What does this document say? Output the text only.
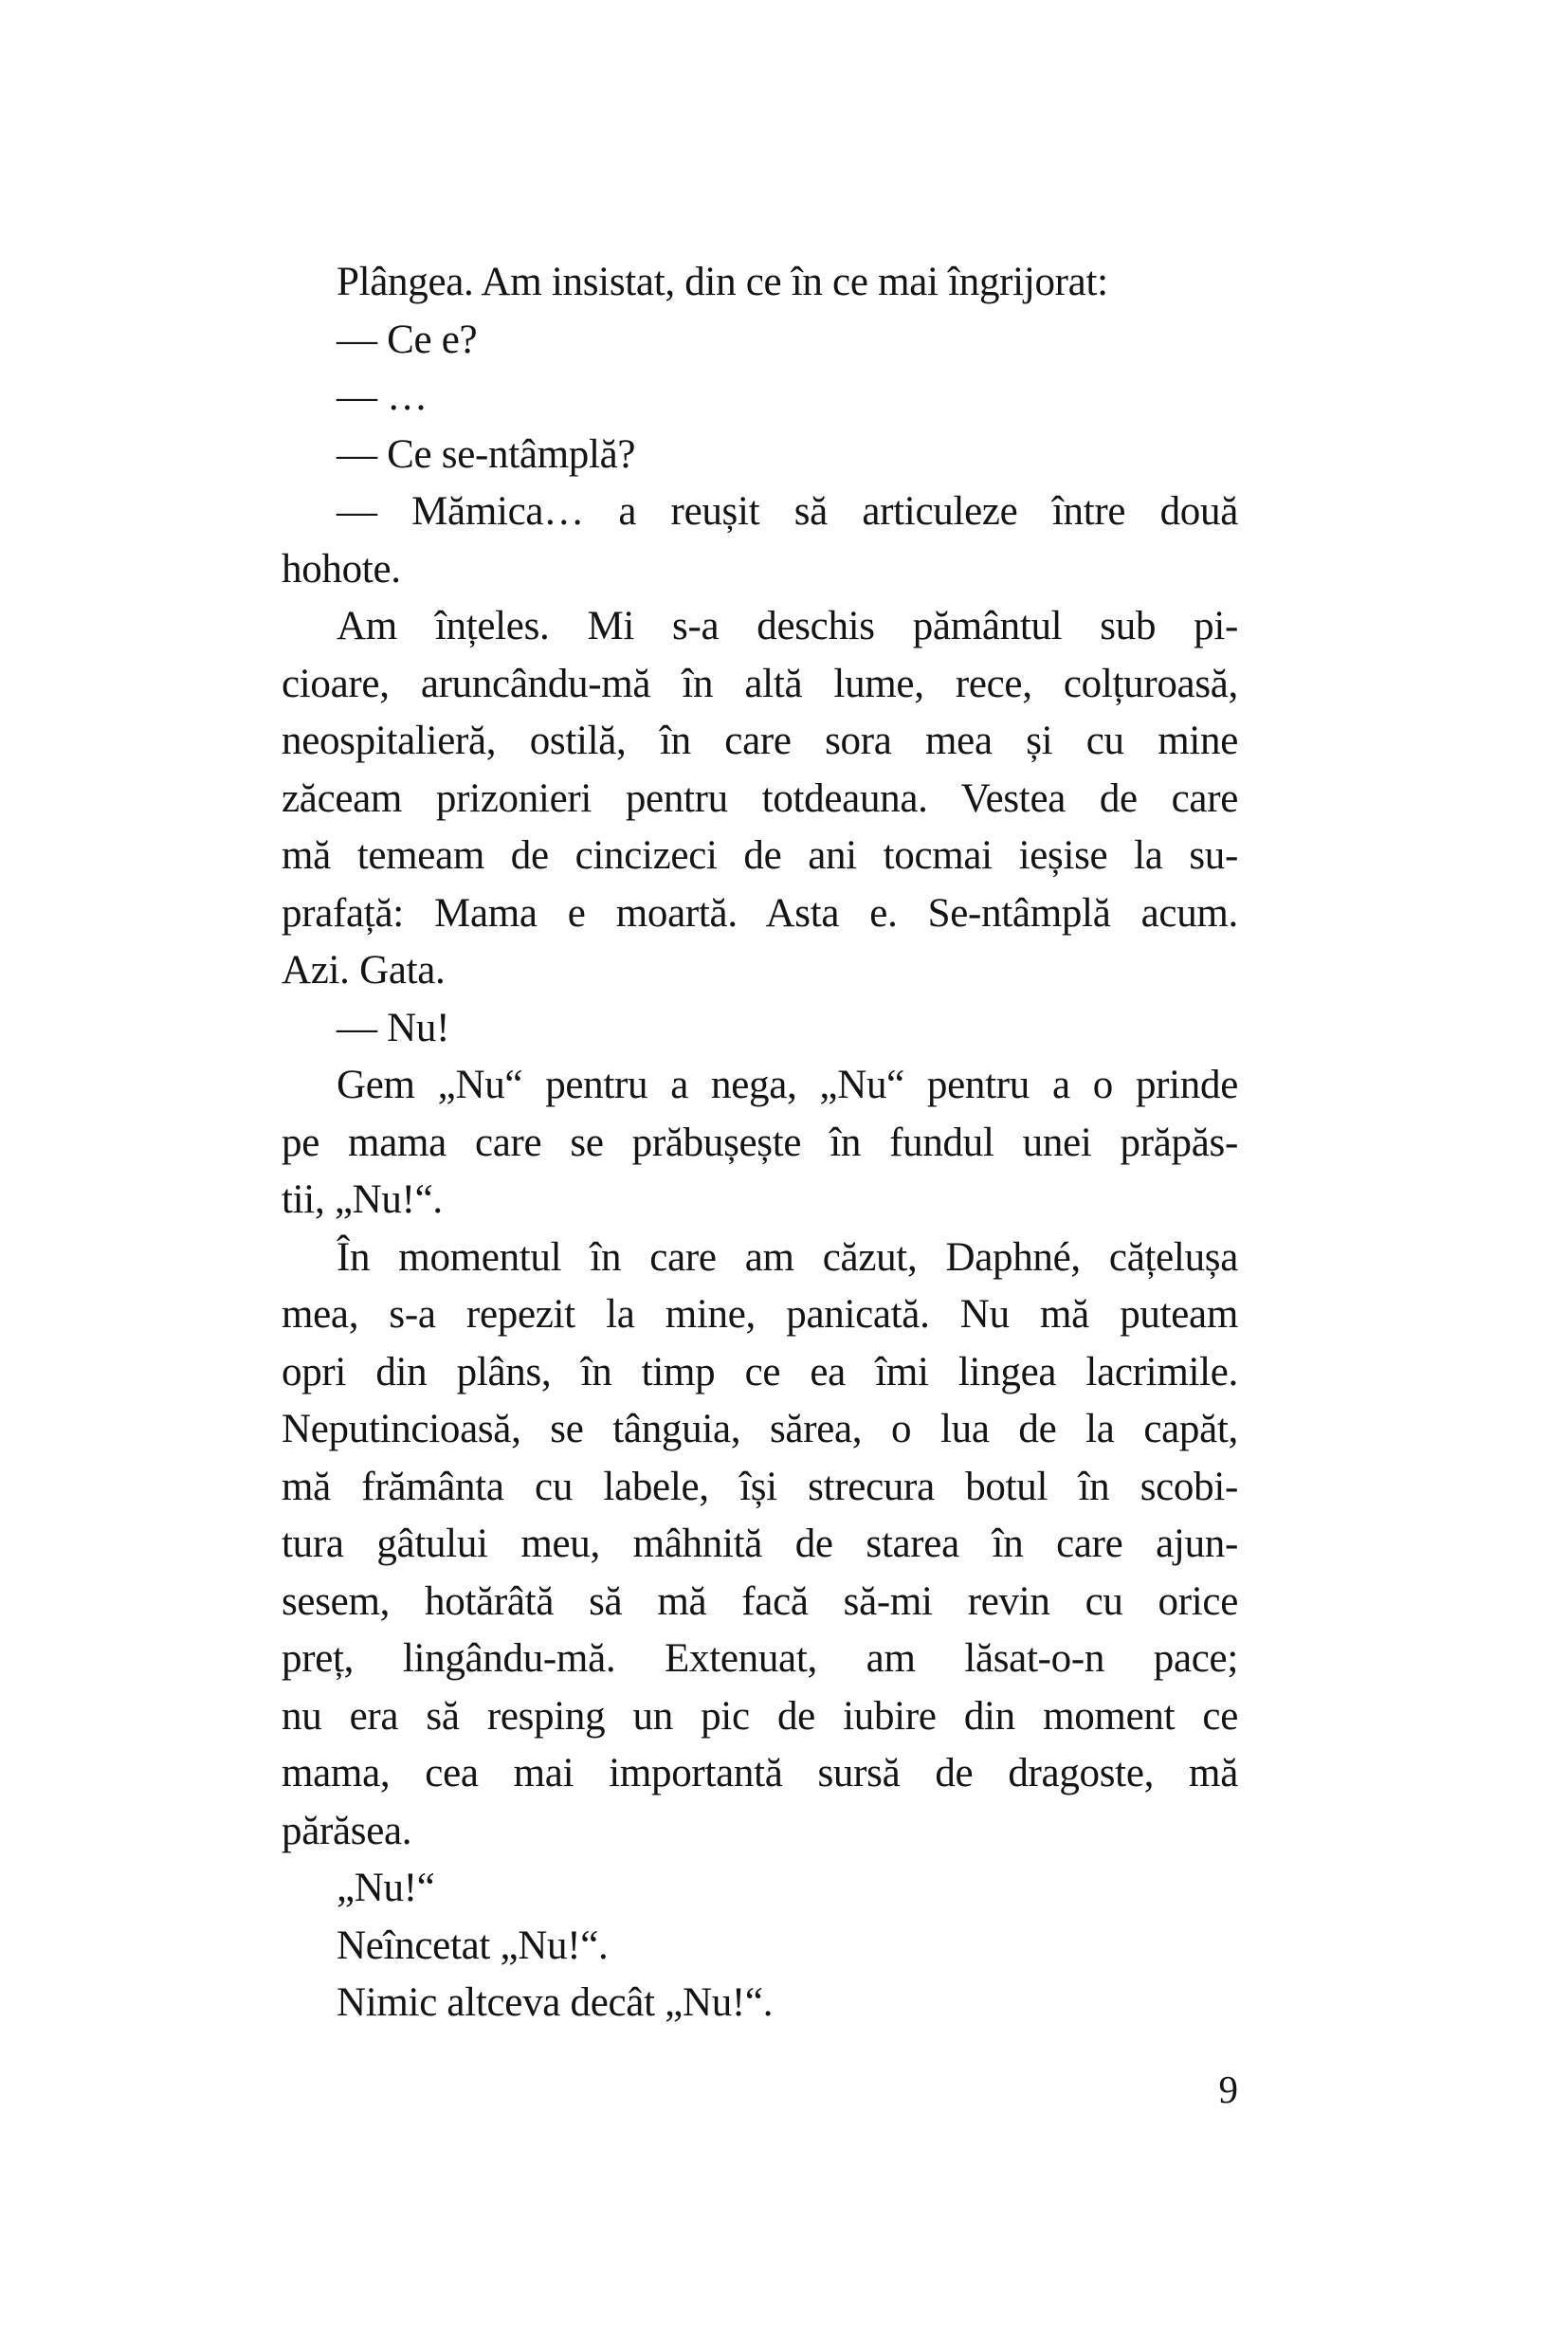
Plângea. Am insistat, din ce în ce mai îngrijorat:
— Ce e?
— …
— Ce se-ntâmplă?
— Mămica… a reușit să articuleze între două
hohote.
Am înțeles. Mi s-a deschis pământul sub pi-
cioare, aruncându-mă în altă lume, rece, colțuroasă,
neospitalieră, ostilă, în care sora mea și cu mine
zăceam prizonieri pentru totdeauna. Vestea de care
mă temeam de cincizeci de ani tocmai ieșise la su-
prafață: Mama e moartă. Asta e. Se-ntâmplă acum.
Azi. Gata.
— Nu!
Gem „Nu“ pentru a nega, „Nu“ pentru a o prinde
pe mama care se prăbușește în fundul unei prăpăs-
tii, „Nu!“.
În momentul în care am căzut, Daphné, cățelușa
mea, s-a repezit la mine, panicată. Nu mă puteam
opri din plâns, în timp ce ea îmi lingea lacrimile.
Neputincioasă, se tânguia, sărea, o lua de la capăt,
mă frământa cu labele, își strecura botul în scobi-
tura gâtului meu, mâhnită de starea în care ajun-
sesem, hotărâtă să mă facă să-mi revin cu orice
preț, lingându-mă. Extenuat, am lăsat-o-n pace;
nu era să resping un pic de iubire din moment ce
mama, cea mai importantă sursă de dragoste, mă
părăsea.
„Nu!“
Neîncetat „Nu!“.
Nimic altceva decât „Nu!“.
9
